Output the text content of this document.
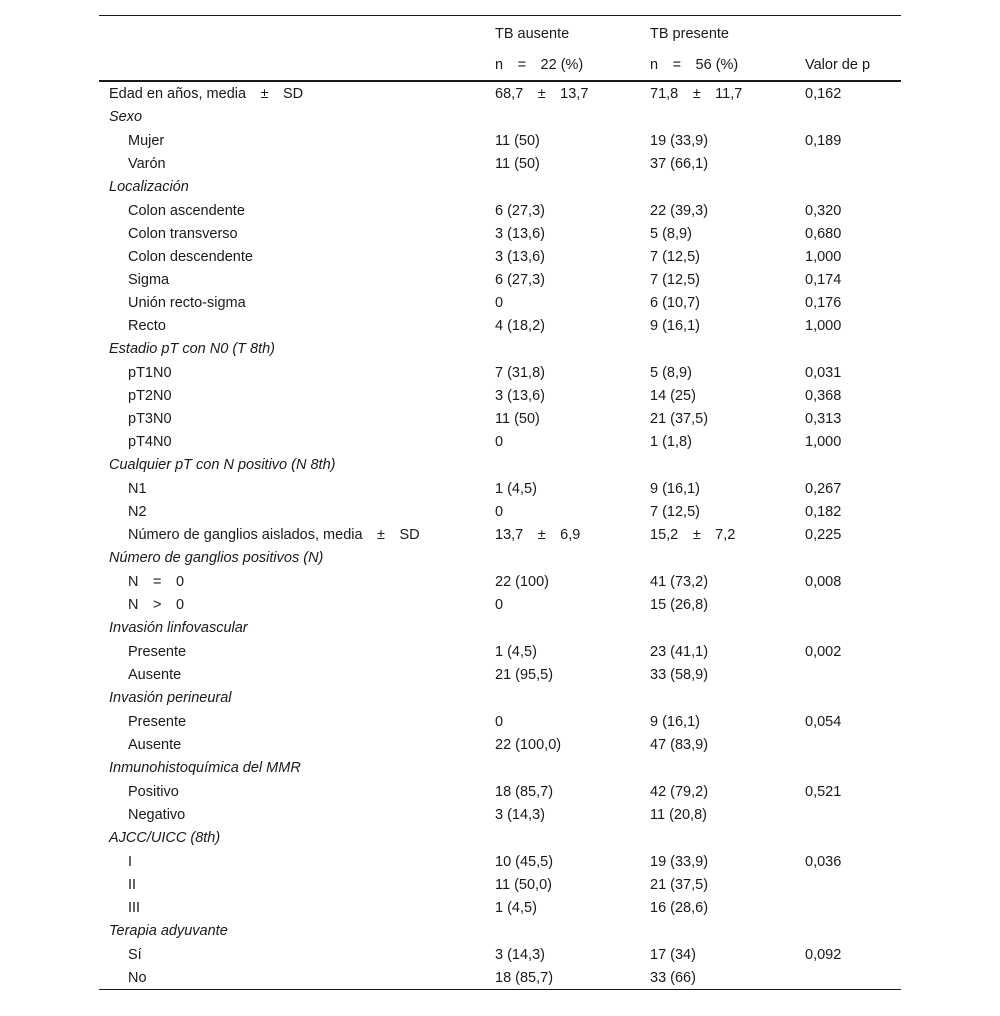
	TB ausente	TB presente	
	n  =  22 (%)	n  =  56 (%)	Valor de p
Edad en años, media  ±  SD	68,7  ±  13,7	71,8  ±  11,7	0,162
Sexo			
Mujer	11 (50)	19 (33,9)	0,189
Varón	11 (50)	37 (66,1)	
Localización			
Colon ascendente	6 (27,3)	22 (39,3)	0,320
Colon transverso	3 (13,6)	5 (8,9)	0,680
Colon descendente	3 (13,6)	7 (12,5)	1,000
Sigma	6 (27,3)	7 (12,5)	0,174
Unión recto-sigma	0	6 (10,7)	0,176
Recto	4 (18,2)	9 (16,1)	1,000
Estadio pT con N0 (T 8th)			
pT1N0	7 (31,8)	5 (8,9)	0,031
pT2N0	3 (13,6)	14 (25)	0,368
pT3N0	11 (50)	21 (37,5)	0,313
pT4N0	0	1 (1,8)	1,000
Cualquier pT con N positivo (N 8th)			
N1	1 (4,5)	9 (16,1)	0,267
N2	0	7 (12,5)	0,182
Número de ganglios aislados, media  ±  SD	13,7  ±  6,9	15,2  ±  7,2	0,225
Número de ganglios positivos (N)			
N  =  0	22 (100)	41 (73,2)	0,008
N  >  0	0	15 (26,8)	
Invasión linfovascular			
Presente	1 (4,5)	23 (41,1)	0,002
Ausente	21 (95,5)	33 (58,9)	
Invasión perineural			
Presente	0	9 (16,1)	0,054
Ausente	22 (100,0)	47 (83,9)	
Inmunohistoquímica del MMR			
Positivo	18 (85,7)	42 (79,2)	0,521
Negativo	3 (14,3)	11 (20,8)	
AJCC/UICC (8th)			
I	10 (45,5)	19 (33,9)	0,036
II	11 (50,0)	21 (37,5)	
III	1 (4,5)	16 (28,6)	
Terapia adyuvante			
Sí	3 (14,3)	17 (34)	0,092
No	18 (85,7)	33 (66)	
